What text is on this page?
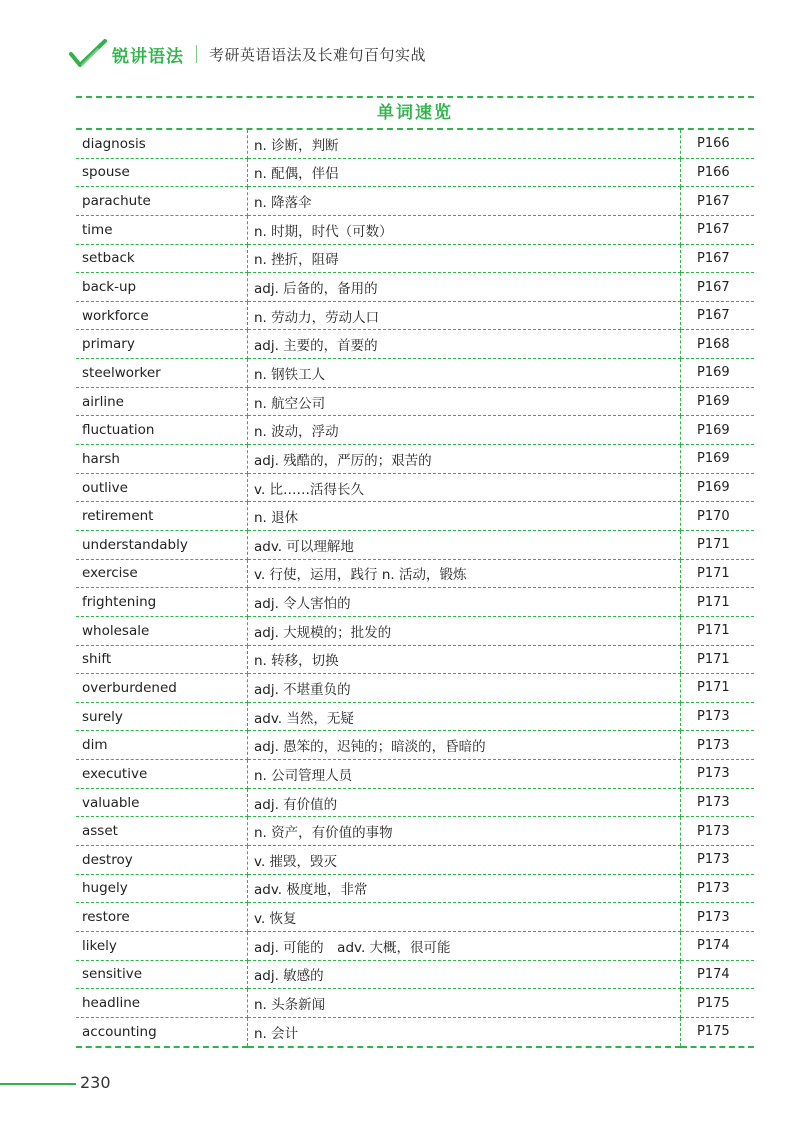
锐讲语法 考研英语语法及长难句百句实战
单词速览
diagnosis	n. 诊断，判断	P166
spouse	n. 配偶，伴侣	P166
parachute	n. 降落伞	P167
time	n. 时期，时代（可数）	P167
setback	n. 挫折，阻碍	P167
back-up	adj. 后备的，备用的	P167
workforce	n. 劳动力，劳动人口	P167
primary	adj. 主要的，首要的	P168
steelworker	n. 钢铁工人	P169
airline	n. 航空公司	P169
fluctuation	n. 波动，浮动	P169
harsh	adj. 残酷的，严厉的；艰苦的	P169
outlive	v. 比……活得长久	P169
retirement	n. 退休	P170
understandably	adv. 可以理解地	P171
exercise	v. 行使，运用，践行 n. 活动，锻炼	P171
frightening	adj. 令人害怕的	P171
wholesale	adj. 大规模的；批发的	P171
shift	n. 转移，切换	P171
overburdened	adj. 不堪重负的	P171
surely	adv. 当然，无疑	P173
dim	adj. 愚笨的，迟钝的；暗淡的，昏暗的	P173
executive	n. 公司管理人员	P173
valuable	adj. 有价值的	P173
asset	n. 资产，有价值的事物	P173
destroy	v. 摧毁，毁灭	P173
hugely	adv. 极度地，非常	P173
restore	v. 恢复	P173
likely	adj. 可能的　adv. 大概，很可能	P174
sensitive	adj. 敏感的	P174
headline	n. 头条新闻	P175
accounting	n. 会计	P175
230
